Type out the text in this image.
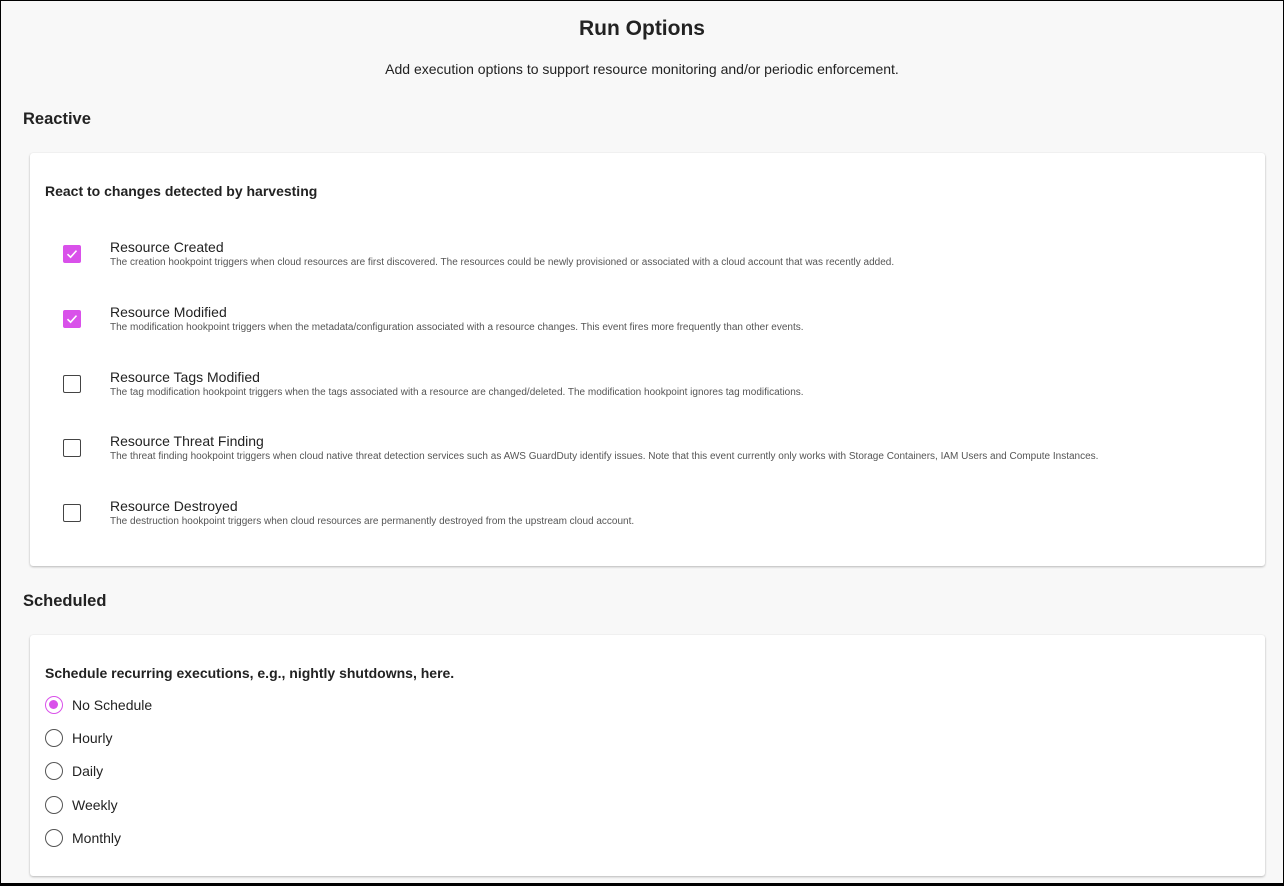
Run Options
Add execution options to support resource monitoring and/or periodic enforcement.
Reactive
React to changes detected by harvesting
Resource Created
The creation hookpoint triggers when cloud resources are first discovered. The resources could be newly provisioned or associated with a cloud account that was recently added.
Resource Modified
The modification hookpoint triggers when the metadata/configuration associated with a resource changes. This event fires more frequently than other events.
Resource Tags Modified
The tag modification hookpoint triggers when the tags associated with a resource are changed/deleted. The modification hookpoint ignores tag modifications.
Resource Threat Finding
The threat finding hookpoint triggers when cloud native threat detection services such as AWS GuardDuty identify issues. Note that this event currently only works with Storage Containers, IAM Users and Compute Instances.
Resource Destroyed
The destruction hookpoint triggers when cloud resources are permanently destroyed from the upstream cloud account.
Scheduled
Schedule recurring executions, e.g., nightly shutdowns, here.
No Schedule
Hourly
Daily
Weekly
Monthly
